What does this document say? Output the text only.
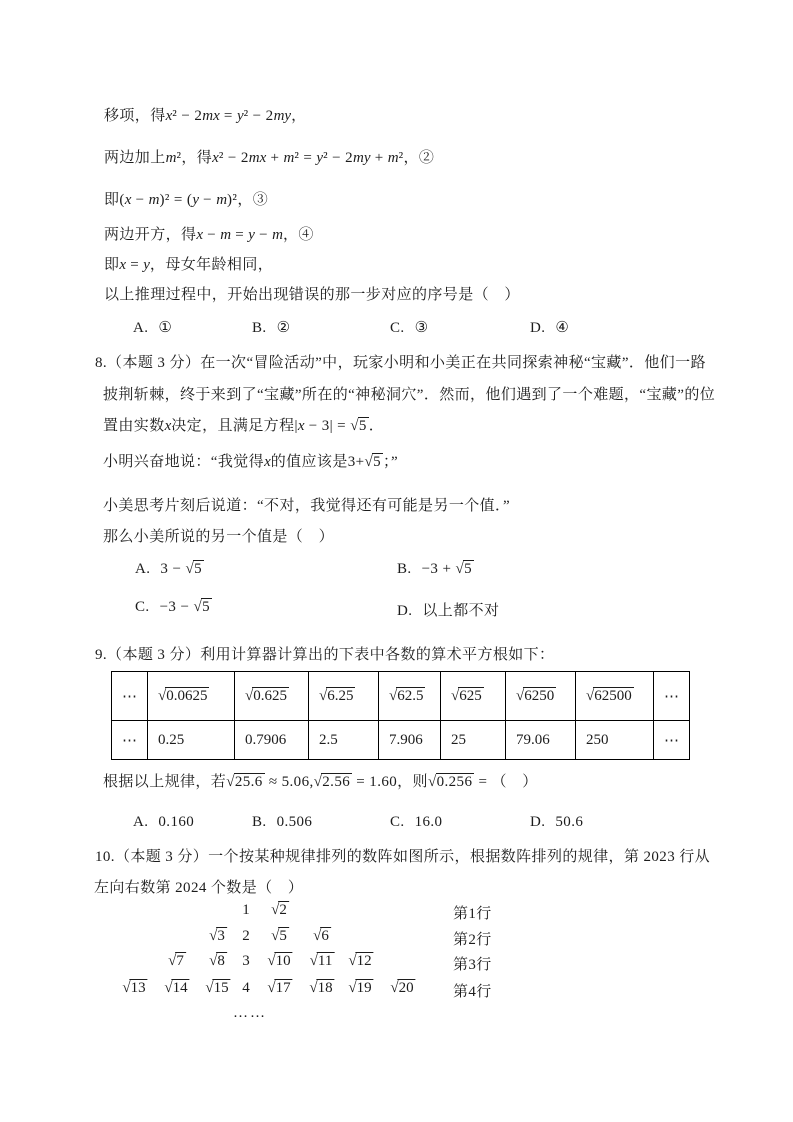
移项，得x² − 2mx = y² − 2my，
两边加上m²，得x² − 2mx + m² = y² − 2my + m²，②
即(x − m)² = (y − m)²，③
两边开方，得x − m = y − m，④
即x = y，母女年龄相同，
以上推理过程中，开始出现错误的那一步对应的序号是（　）
A. ①	B. ②	C. ③	D. ④
8.（本题 3 分）在一次“冒险活动”中，玩家小明和小美正在共同探索神秘“宝藏”．他们一路
披荆斩棘，终于来到了“宝藏”所在的“神秘洞穴”．然而，他们遇到了一个难题，“宝藏”的位
置由实数x决定，且满足方程|x − 3| = √5 ．
小明兴奋地说：“我觉得x的值应该是3+√5 ；”
小美思考片刻后说道：“不对，我觉得还有可能是另一个值．”
那么小美所说的另一个值是（　）
A. 3 − √5	B. −3 + √5
C. −3 − √5	D. 以上都不对
9.（本题 3 分）利用计算器计算出的下表中各数的算术平方根如下：
⋯	√0.0625	√0.625	√6.25	√62.5	√625	√6250	√62500	⋯
⋯	0.25	0.7906	2.5	7.906	25	79.06	250	⋯
根据以上规律，若√25.6 ≈ 5.06,√2.56 = 1.60，则√0.256 = （　）
A. 0.160	B. 0.506	C. 16.0	D. 50.6
10.（本题 3 分）一个按某种规律排列的数阵如图所示，根据数阵排列的规律，第 2023 行从
左向右数第 2024 个数是（　）
1 √2	第1行
√3 2 √5 √6	第2行
√7 √8 3 √10 √11 √12	第3行
√13 √14 √15 4 √17 √18 √19 √20	第4行
……
